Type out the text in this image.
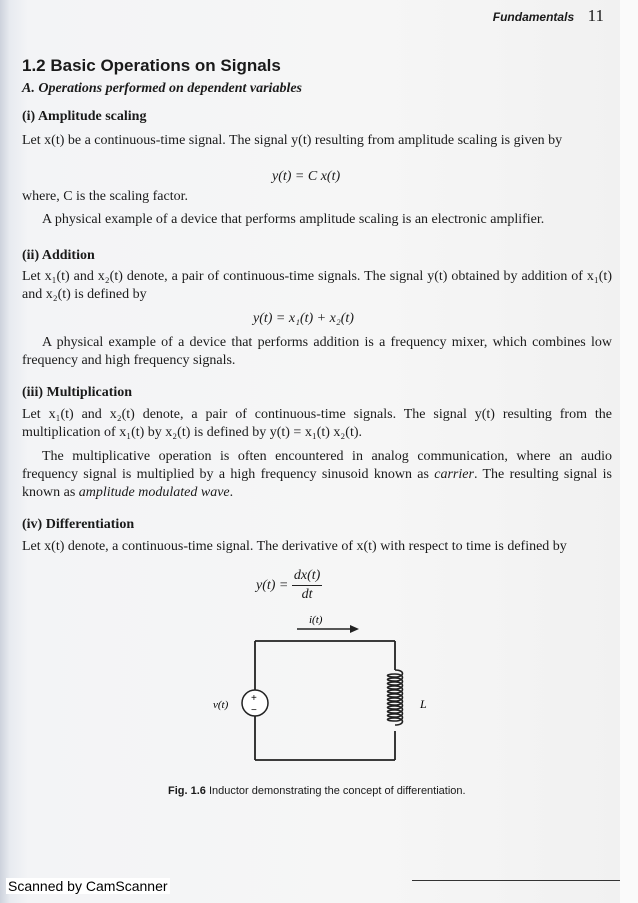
Fundamentals 11
1.2 Basic Operations on Signals
A. Operations performed on dependent variables
(i) Amplitude scaling
Let x(t) be a continuous-time signal. The signal y(t) resulting from amplitude scaling is given by
y(t) = C x(t)
where, C is the scaling factor.
A physical example of a device that performs amplitude scaling is an electronic amplifier.
(ii) Addition
Let x₁(t) and x₂(t) denote, a pair of continuous-time signals. The signal y(t) obtained by addition of x₁(t) and x₂(t) is defined by
y(t) = x₁(t) + x₂(t)
A physical example of a device that performs addition is a frequency mixer, which combines low frequency and high frequency signals.
(iii) Multiplication
Let x₁(t) and x₂(t) denote, a pair of continuous-time signals. The signal y(t) resulting from the multiplication of x₁(t) by x₂(t) is defined by y(t) = x₁(t) x₂(t).
The multiplicative operation is often encountered in analog communication, where an audio frequency signal is multiplied by a high frequency sinusoid known as carrier. The resulting signal is known as amplitude modulated wave.
(iv) Differentiation
Let x(t) denote, a continuous-time signal. The derivative of x(t) with respect to time is defined by
$y(t) = \frac{dx(t)}{dt}$
i(t)
+
−
v(t)	L
Fig. 1.6 Inductor demonstrating the concept of differentiation.
Scanned by CamScanner
